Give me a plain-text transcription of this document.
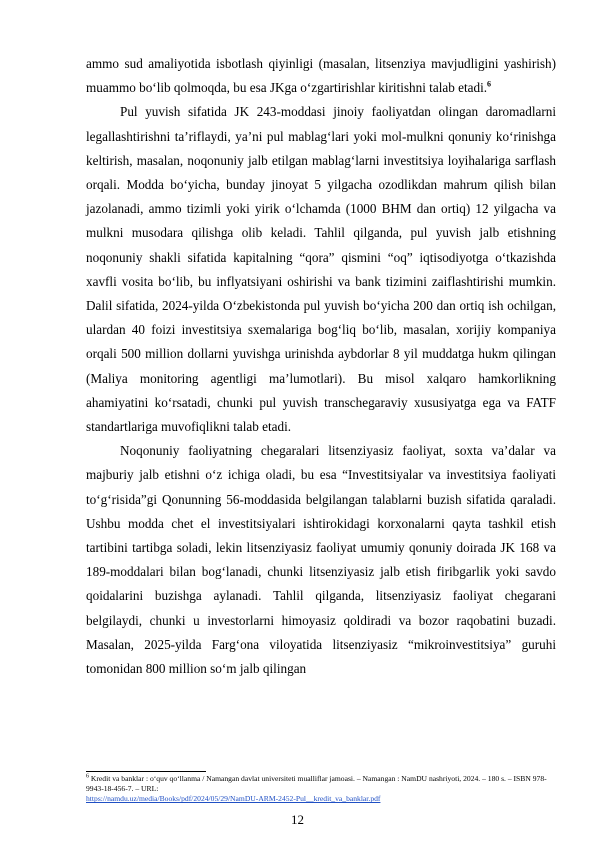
ammo sud amaliyotida isbotlash qiyinligi (masalan, litsenziya mavjudligini yashirish) muammo bo‘lib qolmoqda, bu esa JKga o‘zgartirishlar kiritishni talab etadi.$^6$

Pul yuvish sifatida JK 243-moddasi jinoiy faoliyatdan olingan daromadlarni legallashtirishni ta’riflaydi, ya’ni pul mablag‘lari yoki mol-mulkni qonuniy ko‘rinishga keltirish, masalan, noqonuniy jalb etilgan mablag‘larni investitsiya loyihalariga sarflash orqali. Modda bo‘yicha, bunday jinoyat 5 yilgacha ozodlikdan mahrum qilish bilan jazolanadi, ammo tizimli yoki yirik o‘lchamda (1000 BHM dan ortiq) 12 yilgacha va mulkni musodara qilishga olib keladi. Tahlil qilganda, pul yuvish jalb etishning noqonuniy shakli sifatida kapitalning “qora” qismini “oq” iqtisodiyotga o‘tkazishda xavfli vosita bo‘lib, bu inflyatsiyani oshirishi va bank tizimini zaiflashtirishi mumkin. Dalil sifatida, 2024-yilda O‘zbekistonda pul yuvish bo‘yicha 200 dan ortiq ish ochilgan, ulardan 40 foizi investitsiya sxemalariga bog‘liq bo‘lib, masalan, xorijiy kompaniya orqali 500 million dollarni yuvishga urinishda aybdorlar 8 yil muddatga hukm qilingan (Maliya monitoring agentligi ma’lumotlari). Bu misol xalqaro hamkorlikning ahamiyatini ko‘rsatadi, chunki pul yuvish transchegaraviy xususiyatga ega va FATF standartlariga muvofiqlikni talab etadi.

Noqonuniy faoliyatning chegaralari litsenziyasiz faoliyat, soxta va’dalar va majburiy jalb etishni o‘z ichiga oladi, bu esa “Investitsiyalar va investitsiya faoliyati to‘g‘risida”gi Qonunning 56-moddasida belgilangan talablarni buzish sifatida qaraladi. Ushbu modda chet el investitsiyalari ishtirokidagi korxonalarni qayta tashkil etish tartibini tartibga soladi, lekin litsenziyasiz faoliyat umumiy qonuniy doirada JK 168 va 189-moddalari bilan bog‘lanadi, chunki litsenziyasiz jalb etish firibgarlik yoki savdo qoidalarini buzishga aylanadi. Tahlil qilganda, litsenziyasiz faoliyat chegarani belgilaydi, chunki u investorlarni himoyasiz qoldiradi va bozor raqobatini buzadi. Masalan, 2025-yilda Farg‘ona viloyatida litsenziyasiz “mikroinvestitsiya” guruhi tomonidan 800 million so‘m jalb qilingan

$^6$ Kredit va banklar : o‘quv qo‘llanma / Namangan davlat universiteti mualliflar jamoasi. – Namangan : NamDU nashriyoti, 2024. – 180 s. – ISBN 978-9943-18-456-7. – URL:
https://namdu.uz/media/Books/pdf/2024/05/29/NamDU-ARM-2452-Pul__kredit_va_banklar.pdf

12
